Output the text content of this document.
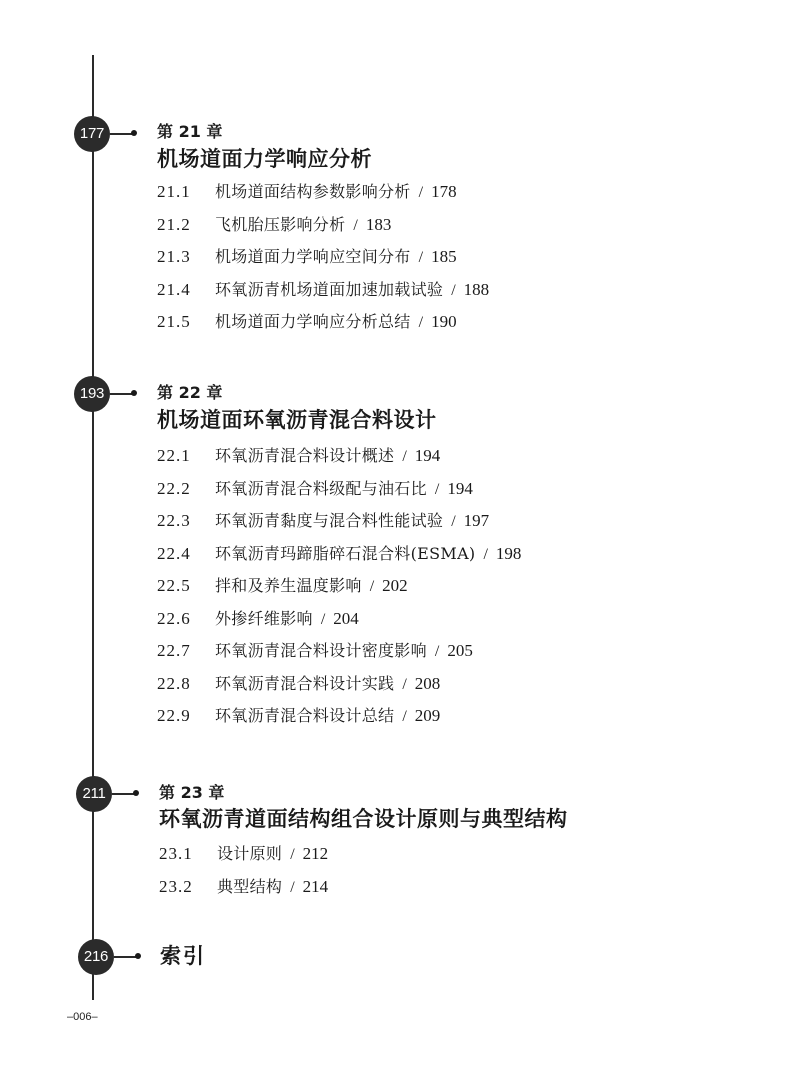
177	第 21 章
机场道面力学响应分析
21.1 机场道面结构参数影响分析 / 178
21.2 飞机胎压影响分析 / 183
21.3 机场道面力学响应空间分布 / 185
21.4 环氧沥青机场道面加速加载试验 / 188
21.5 机场道面力学响应分析总结 / 190
193	第 22 章
机场道面环氧沥青混合料设计
22.1 环氧沥青混合料设计概述 / 194
22.2 环氧沥青混合料级配与油石比 / 194
22.3 环氧沥青黏度与混合料性能试验 / 197
22.4 环氧沥青玛蹄脂碎石混合料(ESMA) / 198
22.5 拌和及养生温度影响 / 202
22.6 外掺纤维影响 / 204
22.7 环氧沥青混合料设计密度影响 / 205
22.8 环氧沥青混合料设计实践 / 208
22.9 环氧沥青混合料设计总结 / 209
211	第 23 章
环氧沥青道面结构组合设计原则与典型结构
23.1 设计原则 / 212
23.2 典型结构 / 214
216 索引
–006–
